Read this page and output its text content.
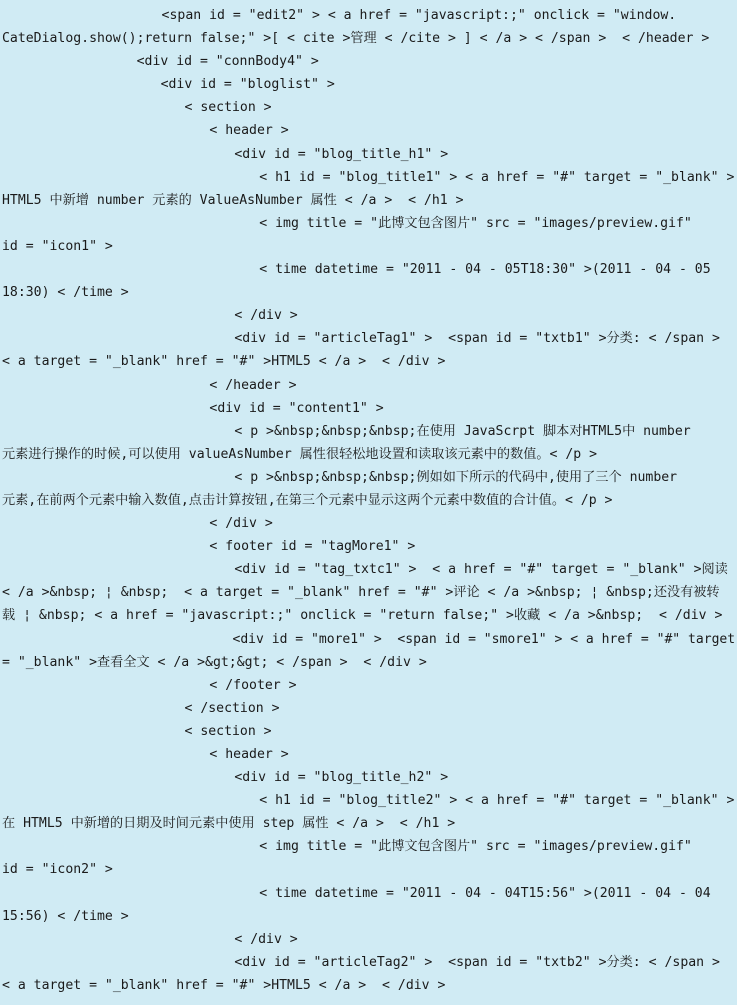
<span id = "edit2" > < a href = "javascript:;" onclick = "window.
CateDialog.show();return false;" >[ < cite >管理 < /cite > ] < /a > < /span >  < /header >
<div id = "connBody4" >
<div id = "bloglist" >
< section >
< header >
<div id = "blog_title_h1" >
< h1 id = "blog_title1" > < a href = "#" target = "_blank" >
HTML5 中新增 number 元素的 ValueAsNumber 属性 < /a >  < /h1 >
< img title = "此博文包含图片" src = "images/preview.gif"
id = "icon1" >
< time datetime = "2011 - 04 - 05T18:30" >(2011 - 04 - 05
18:30) < /time >
< /div >
<div id = "articleTag1" >  <span id = "txtb1" >分类: < /span >
< a target = "_blank" href = "#" >HTML5 < /a >  < /div >
< /header >
<div id = "content1" >
< p >&nbsp;&nbsp;&nbsp;在使用 JavaScrpt 脚本对HTML5中 number
元素进行操作的时候,可以使用 valueAsNumber 属性很轻松地设置和读取该元素中的数值。< /p >
< p >&nbsp;&nbsp;&nbsp;例如如下所示的代码中,使用了三个 number
元素,在前两个元素中输入数值,点击计算按钮,在第三个元素中显示这两个元素中数值的合计值。< /p >
< /div >
< footer id = "tagMore1" >
<div id = "tag_txtc1" >  < a href = "#" target = "_blank" >阅读
< /a >&nbsp; ¦ &nbsp;  < a target = "_blank" href = "#" >评论 < /a >&nbsp; ¦ &nbsp;还没有被转
载 ¦ &nbsp; < a href = "javascript:;" onclick = "return false;" >收藏 < /a >&nbsp;  < /div >
<div id = "more1" >  <span id = "smore1" > < a href = "#" target
= "_blank" >查看全文 < /a >&gt;&gt; < /span >  < /div >
< /footer >
< /section >
< section >
< header >
<div id = "blog_title_h2" >
< h1 id = "blog_title2" > < a href = "#" target = "_blank" >
在 HTML5 中新增的日期及时间元素中使用 step 属性 < /a >  < /h1 >
< img title = "此博文包含图片" src = "images/preview.gif"
id = "icon2" >
< time datetime = "2011 - 04 - 04T15:56" >(2011 - 04 - 04
15:56) < /time >
< /div >
<div id = "articleTag2" >  <span id = "txtb2" >分类: < /span >
< a target = "_blank" href = "#" >HTML5 < /a >  < /div >
